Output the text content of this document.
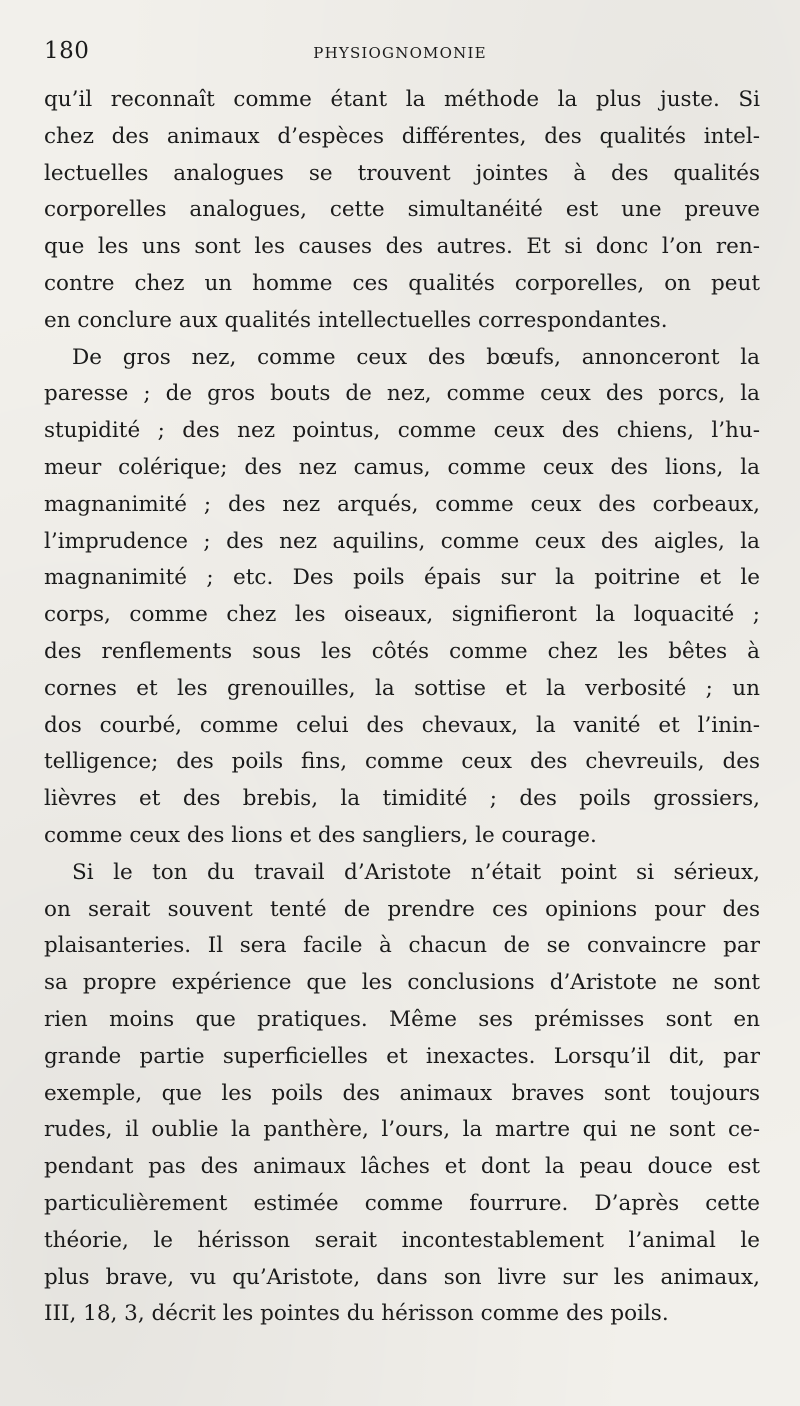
180	PHYSIOGNOMONIE
qu’il reconnaît comme étant la méthode la plus juste. Si
chez des animaux d’espèces différentes, des qualités intel-
lectuelles analogues se trouvent jointes à des qualités
corporelles analogues, cette simultanéité est une preuve
que les uns sont les causes des autres. Et si donc l’on ren-
contre chez un homme ces qualités corporelles, on peut
en conclure aux qualités intellectuelles correspondantes.
De gros nez, comme ceux des bœufs, annonceront la
paresse ; de gros bouts de nez, comme ceux des porcs, la
stupidité ; des nez pointus, comme ceux des chiens, l’hu-
meur colérique; des nez camus, comme ceux des lions, la
magnanimité ; des nez arqués, comme ceux des corbeaux,
l’imprudence ; des nez aquilins, comme ceux des aigles, la
magnanimité ; etc. Des poils épais sur la poitrine et le
corps, comme chez les oiseaux, signifieront la loquacité ;
des renflements sous les côtés comme chez les bêtes à
cornes et les grenouilles, la sottise et la verbosité ; un
dos courbé, comme celui des chevaux, la vanité et l’inin-
telligence; des poils fins, comme ceux des chevreuils, des
lièvres et des brebis, la timidité ; des poils grossiers,
comme ceux des lions et des sangliers, le courage.
Si le ton du travail d’Aristote n’était point si sérieux,
on serait souvent tenté de prendre ces opinions pour des
plaisanteries. Il sera facile à chacun de se convaincre par
sa propre expérience que les conclusions d’Aristote ne sont
rien moins que pratiques. Même ses prémisses sont en
grande partie superficielles et inexactes. Lorsqu’il dit, par
exemple, que les poils des animaux braves sont toujours
rudes, il oublie la panthère, l’ours, la martre qui ne sont ce-
pendant pas des animaux lâches et dont la peau douce est
particulièrement estimée comme fourrure. D’après cette
théorie, le hérisson serait incontestablement l’animal le
plus brave, vu qu’Aristote, dans son livre sur les animaux,
III, 18, 3, décrit les pointes du hérisson comme des poils.
